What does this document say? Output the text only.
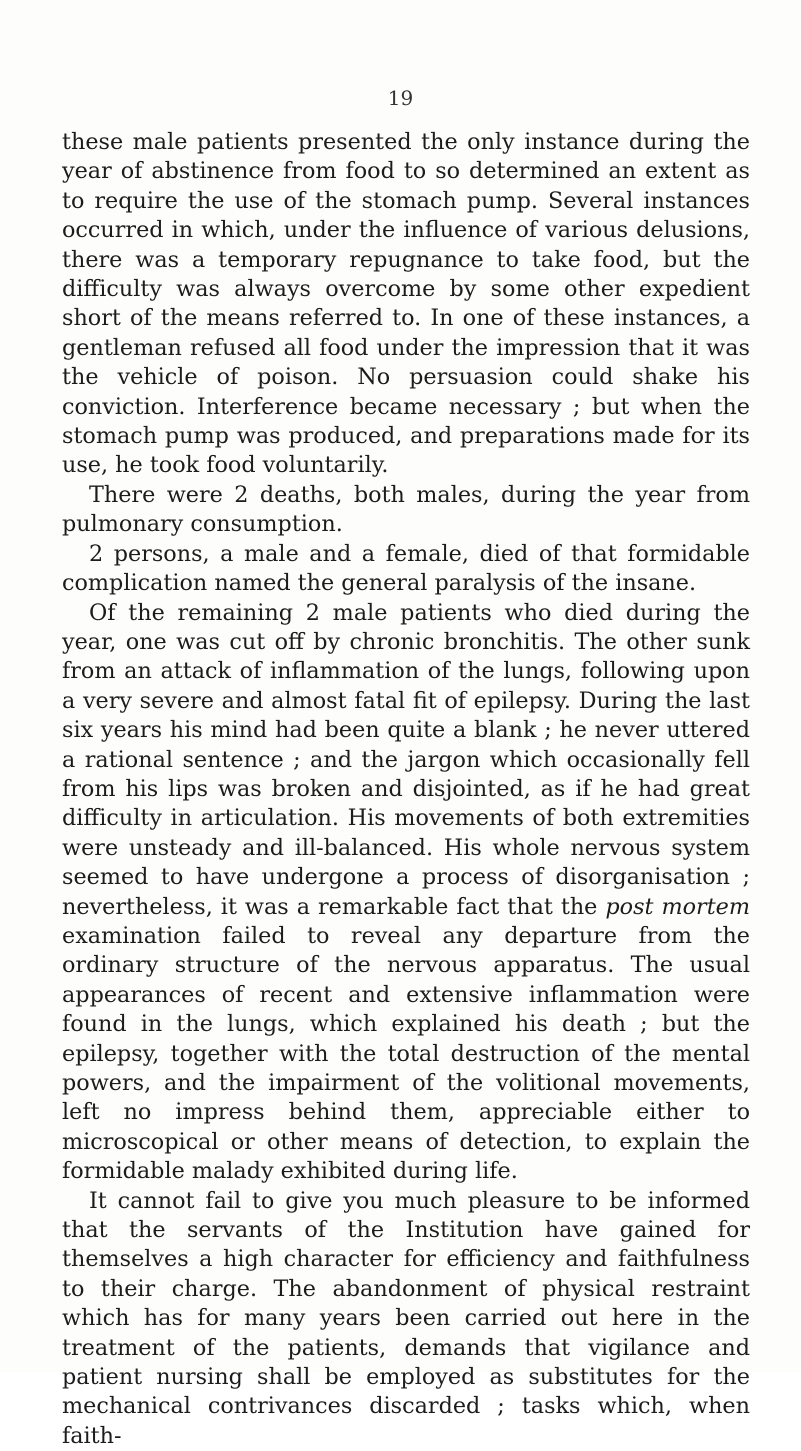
19

these male patients presented the only instance during the year of abstinence from food to so determined an extent as to require the use of the stomach pump. Several instances occurred in which, under the influence of various delusions, there was a temporary repugnance to take food, but the difficulty was always overcome by some other expedient short of the means referred to. In one of these instances, a gentleman refused all food under the impression that it was the vehicle of poison. No persuasion could shake his conviction. Interference became necessary ; but when the stomach pump was produced, and preparations made for its use, he took food voluntarily.

There were 2 deaths, both males, during the year from pulmonary consumption.

2 persons, a male and a female, died of that formidable complication named the general paralysis of the insane.

Of the remaining 2 male patients who died during the year, one was cut off by chronic bronchitis. The other sunk from an attack of inflammation of the lungs, following upon a very severe and almost fatal fit of epilepsy. During the last six years his mind had been quite a blank ; he never uttered a rational sentence ; and the jargon which occasionally fell from his lips was broken and disjointed, as if he had great difficulty in articulation. His movements of both extremities were unsteady and ill-balanced. His whole nervous system seemed to have undergone a process of disorganisation ; nevertheless, it was a remarkable fact that the post mortem examination failed to reveal any departure from the ordinary structure of the nervous apparatus. The usual appearances of recent and extensive inflammation were found in the lungs, which explained his death ; but the epilepsy, together with the total destruction of the mental powers, and the impairment of the volitional movements, left no impress behind them, appreciable either to microscopical or other means of detection, to explain the formidable malady exhibited during life.

It cannot fail to give you much pleasure to be informed that the servants of the Institution have gained for themselves a high character for efficiency and faithfulness to their charge. The abandonment of physical restraint which has for many years been carried out here in the treatment of the patients, demands that vigilance and patient nursing shall be employed as substitutes for the mechanical contrivances discarded ; tasks which, when faith-
